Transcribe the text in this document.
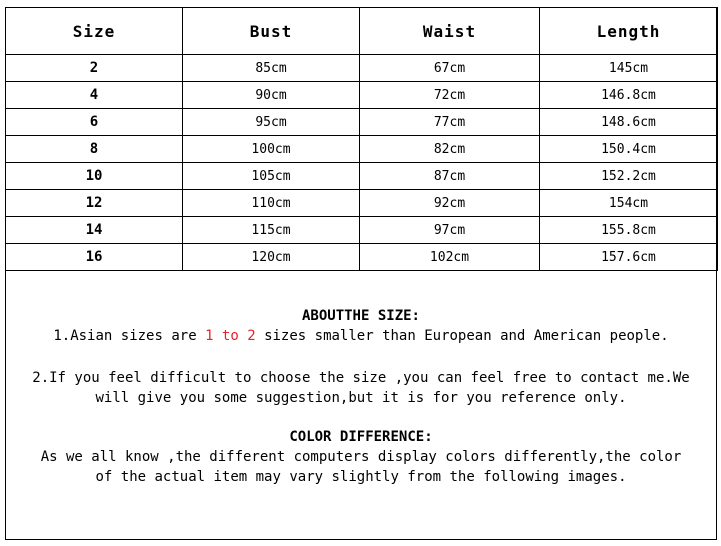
Size	Bust	Waist	Length
2	85cm	67cm	145cm
4	90cm	72cm	146.8cm
6	95cm	77cm	148.6cm
8	100cm	82cm	150.4cm
10	105cm	87cm	152.2cm
12	110cm	92cm	154cm
14	115cm	97cm	155.8cm
16	120cm	102cm	157.6cm
ABOUTTHE SIZE:
1.Asian sizes are 1 to 2 sizes smaller than European and American people.
2.If you feel difficult to choose the size ,you can feel free to contact me.We
will give you some suggestion,but it is for you reference only.
COLOR DIFFERENCE:
As we all know ,the different computers display colors differently,the color
of the actual item may vary slightly from the following images.
